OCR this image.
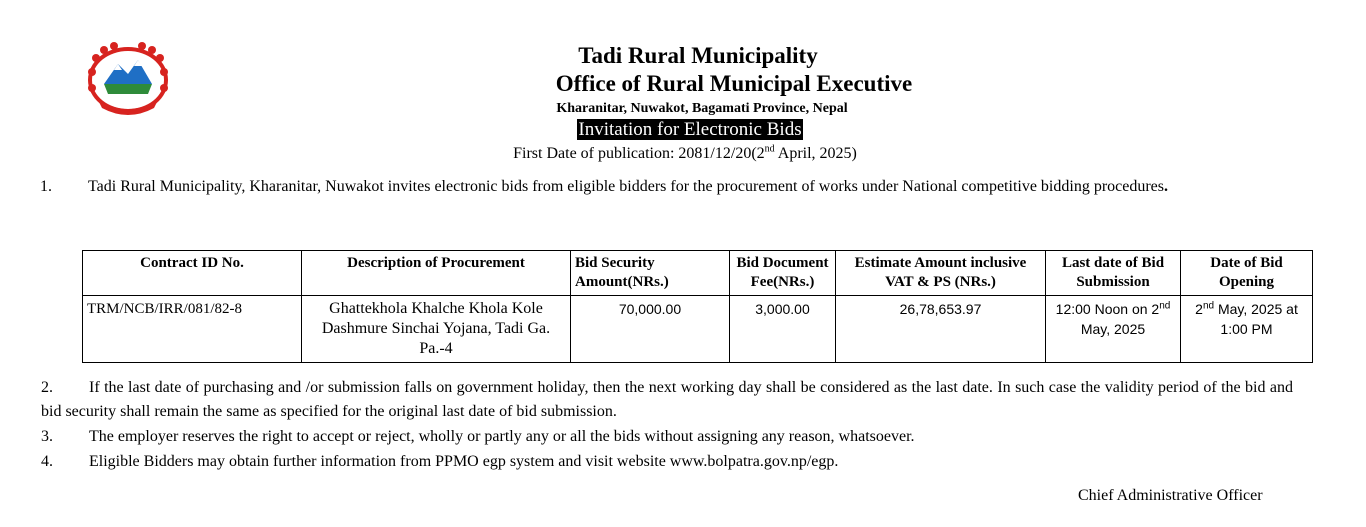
Tadi Rural Municipality
Office of Rural Municipal Executive
Kharanitar, Nuwakot, Bagamati Province, Nepal
Invitation for Electronic Bids
First Date of publication: 2081/12/20(2nd April, 2025)
1. Tadi Rural Municipality, Kharanitar, Nuwakot invites electronic bids from eligible bidders for the procurement of works under National competitive bidding procedures.
Contract ID No.	Description of Procurement	Bid Security Amount(NRs.)	Bid Document Fee(NRs.)	Estimate Amount inclusive VAT & PS (NRs.)	Last date of Bid Submission	Date of Bid Opening
TRM/NCB/IRR/081/82-8	Ghattekhola Khalche Khola Kole Dashmure Sinchai Yojana, Tadi Ga. Pa.-4	70,000.00	3,000.00	26,78,653.97	12:00 Noon on 2nd May, 2025	2nd May, 2025 at 1:00 PM
2. If the last date of purchasing and /or submission falls on government holiday, then the next working day shall be considered as the last date. In such case the validity period of the bid and bid security shall remain the same as specified for the original last date of bid submission.
3. The employer reserves the right to accept or reject, wholly or partly any or all the bids without assigning any reason, whatsoever.
4. Eligible Bidders may obtain further information from PPMO egp system and visit website www.bolpatra.gov.np/egp.
Chief Administrative Officer
